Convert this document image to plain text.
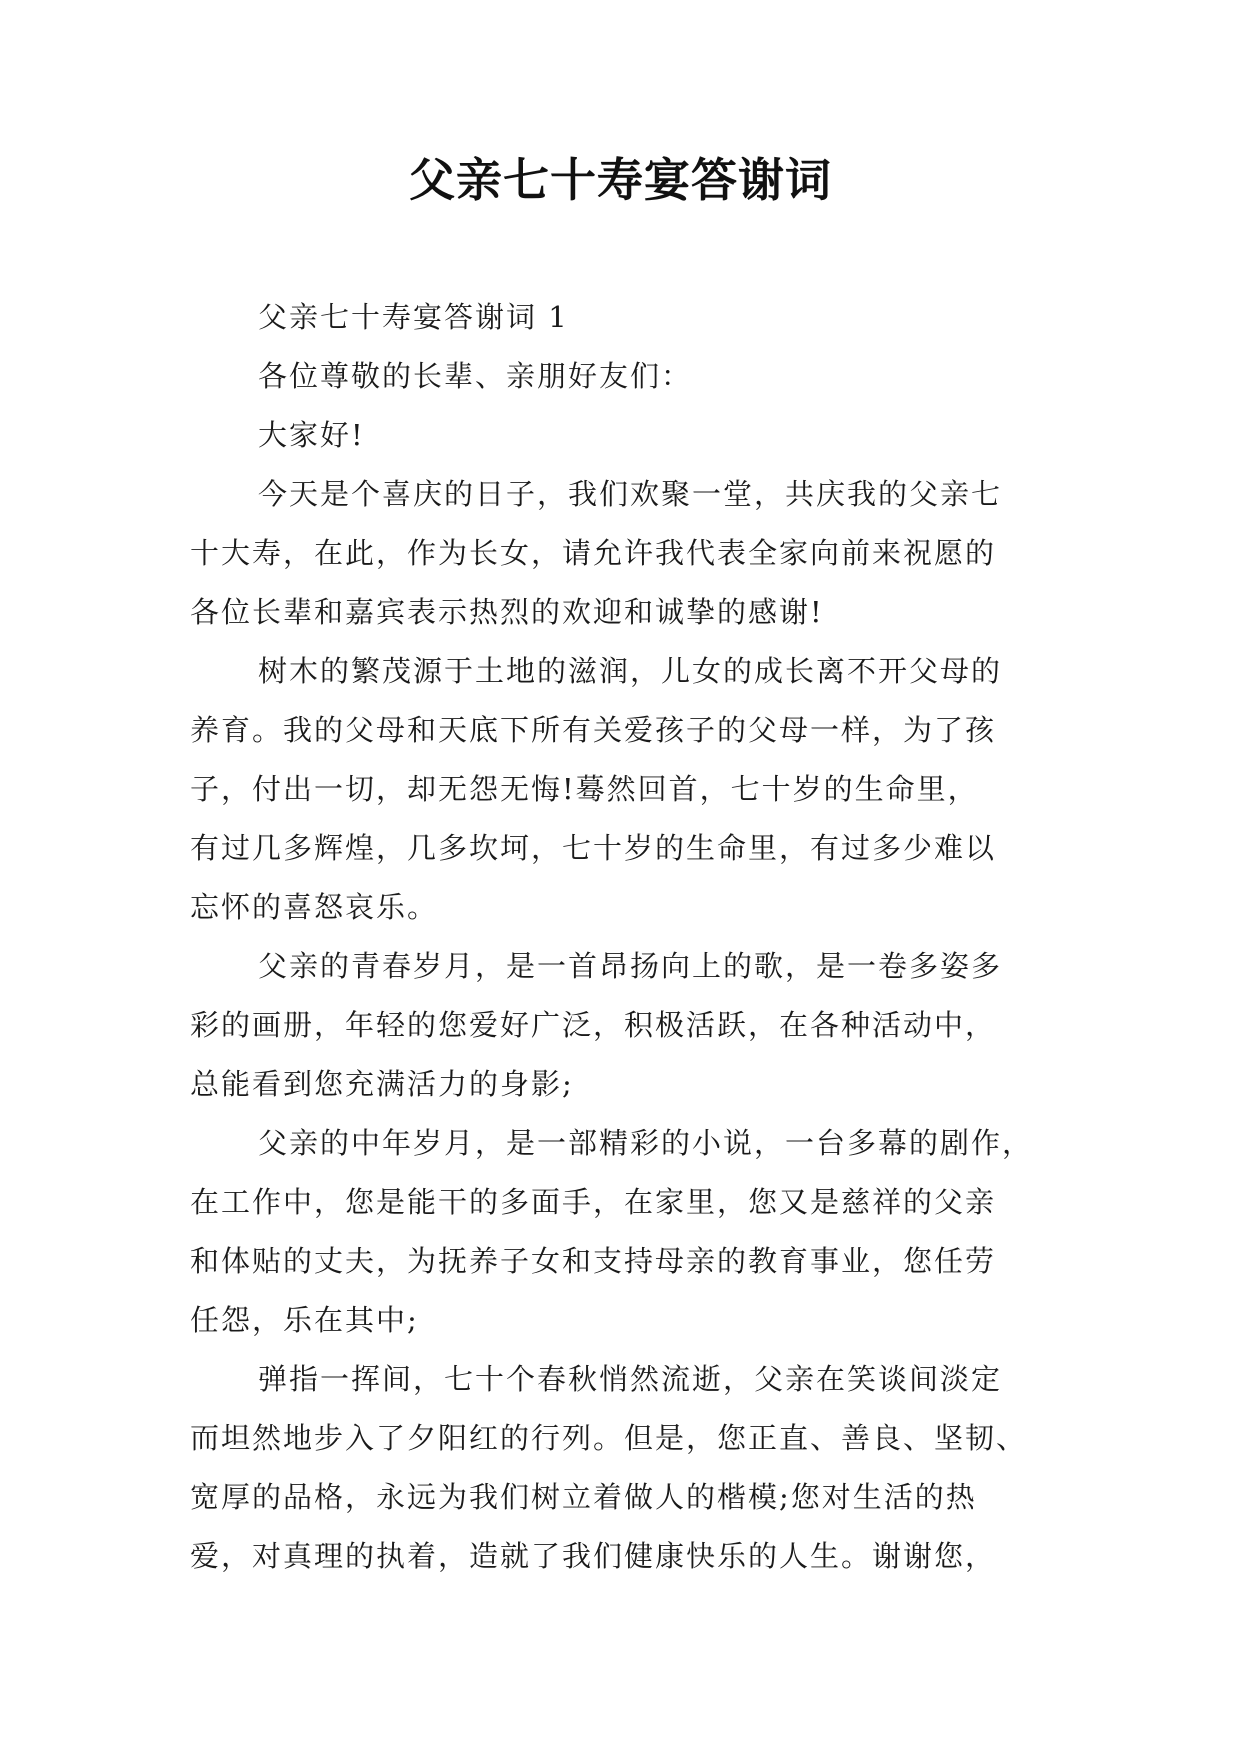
父亲七十寿宴答谢词
父亲七十寿宴答谢词 1
各位尊敬的长辈、亲朋好友们：
大家好!
今天是个喜庆的日子，我们欢聚一堂，共庆我的父亲七
十大寿，在此，作为长女，请允许我代表全家向前来祝愿的
各位长辈和嘉宾表示热烈的欢迎和诚挚的感谢!
树木的繁茂源于土地的滋润，儿女的成长离不开父母的
养育。我的父母和天底下所有关爱孩子的父母一样，为了孩
子，付出一切，却无怨无悔!蓦然回首，七十岁的生命里，
有过几多辉煌，几多坎坷，七十岁的生命里，有过多少难以
忘怀的喜怒哀乐。
父亲的青春岁月，是一首昂扬向上的歌，是一卷多姿多
彩的画册，年轻的您爱好广泛，积极活跃，在各种活动中，
总能看到您充满活力的身影;
父亲的中年岁月，是一部精彩的小说，一台多幕的剧作，
在工作中，您是能干的多面手，在家里，您又是慈祥的父亲
和体贴的丈夫，为抚养子女和支持母亲的教育事业，您任劳
任怨，乐在其中;
弹指一挥间，七十个春秋悄然流逝，父亲在笑谈间淡定
而坦然地步入了夕阳红的行列。但是，您正直、善良、坚韧、
宽厚的品格，永远为我们树立着做人的楷模;您对生活的热
爱，对真理的执着，造就了我们健康快乐的人生。谢谢您，
